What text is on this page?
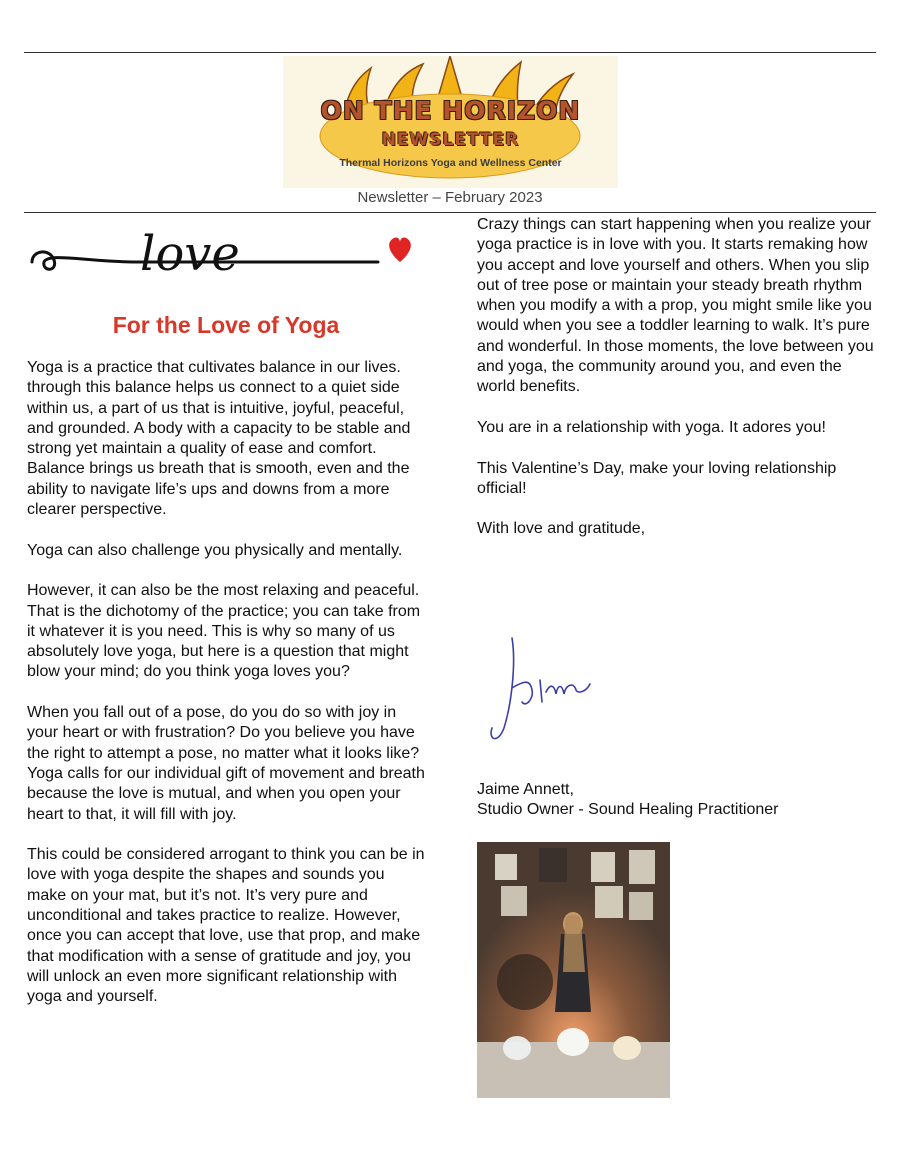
ON THE HORIZON
NEWSLETTER
Thermal Horizons Yoga and Wellness Center
Newsletter – February 2023
love
For the Love of Yoga

Yoga is a practice that cultivates balance in our lives. through this balance helps us connect to a quiet side within us, a part of us that is intuitive, joyful, peaceful, and grounded. A body with a capacity to be stable and strong yet maintain a quality of ease and comfort. Balance brings us breath that is smooth, even and the ability to navigate life’s ups and downs from a more clearer perspective.

Yoga can also challenge you physically and mentally.

However, it can also be the most relaxing and peaceful. That is the dichotomy of the practice; you can take from it whatever it is you need. This is why so many of us absolutely love yoga, but here is a question that might blow your mind; do you think yoga loves you?

When you fall out of a pose, do you do so with joy in your heart or with frustration? Do you believe you have the right to attempt a pose, no matter what it looks like? Yoga calls for our individual gift of movement and breath because the love is mutual, and when you open your heart to that, it will fill with joy.

This could be considered arrogant to think you can be in love with yoga despite the shapes and sounds you make on your mat, but it’s not. It’s very pure and unconditional and takes practice to realize. However, once you can accept that love, use that prop, and make that modification with a sense of gratitude and joy, you will unlock an even more significant relationship with yoga and yourself.

Crazy things can start happening when you realize your yoga practice is in love with you. It starts remaking how you accept and love yourself and others. When you slip out of tree pose or maintain your steady breath rhythm when you modify a with a prop, you might smile like you would when you see a toddler learning to walk. It’s pure and wonderful. In those moments, the love between you and yoga, the community around you, and even the world benefits.

You are in a relationship with yoga. It adores you!

This Valentine’s Day, make your loving relationship official!

With love and gratitude,

Jaime Annett,
Studio Owner - Sound Healing Practitioner
